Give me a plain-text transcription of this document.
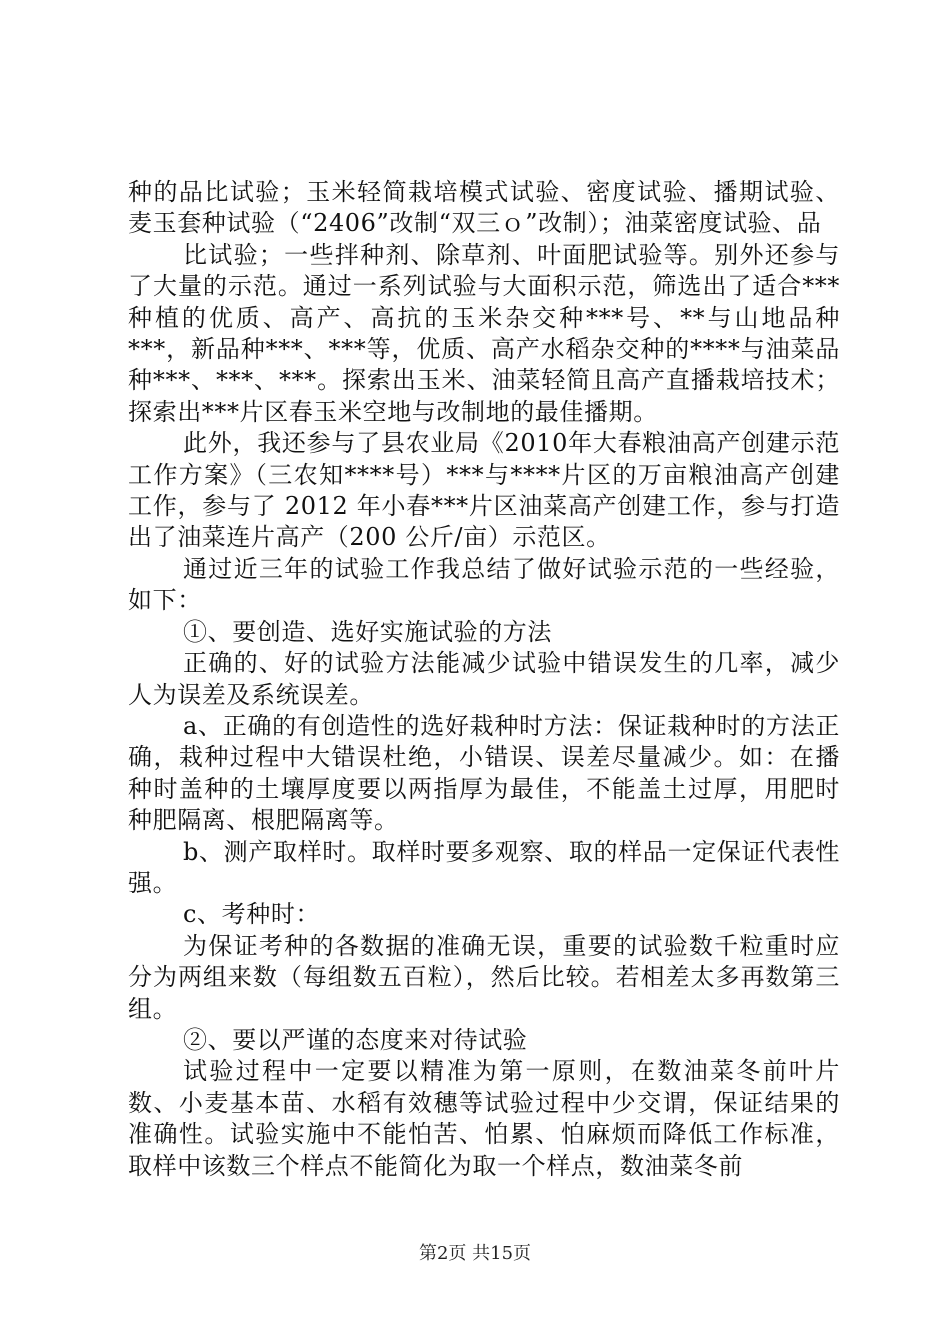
种的品比试验；玉米轻简栽培模式试验、密度试验、播期试验、麦玉套种试验（“2406”改制“双三ｏ”改制）；油菜密度试验、品

比试验；一些拌种剂、除草剂、叶面肥试验等。别外还参与了大量的示范。通过一系列试验与大面积示范，筛选出了适合***种植的优质、高产、高抗的玉米杂交种***号、**与山地品种***，新品种***、***等，优质、高产水稻杂交种的****与油菜品种***、***、***。探索出玉米、油菜轻简且高产直播栽培技术；探索出***片区春玉米空地与改制地的最佳播期。

此外，我还参与了县农业局《2010年大春粮油高产创建示范工作方案》（三农知****号）***与****片区的万亩粮油高产创建工作，参与了 2012 年小春***片区油菜高产创建工作，参与打造出了油菜连片高产（200 公斤/亩）示范区。

通过近三年的试验工作我总结了做好试验示范的一些经验，如下：

①、要创造、选好实施试验的方法

正确的、好的试验方法能减少试验中错误发生的几率，减少人为误差及系统误差。

a、正确的有创造性的选好栽种时方法：保证栽种时的方法正确，栽种过程中大错误杜绝，小错误、误差尽量减少。如：在播种时盖种的土壤厚度要以两指厚为最佳，不能盖土过厚，用肥时种肥隔离、根肥隔离等。

b、测产取样时。取样时要多观察、取的样品一定保证代表性强。

c、考种时：

为保证考种的各数据的准确无误，重要的试验数千粒重时应分为两组来数（每组数五百粒），然后比较。若相差太多再数第三组。

②、要以严谨的态度来对待试验

试验过程中一定要以精准为第一原则，在数油菜冬前叶片数、小麦基本苗、水稻有效穗等试验过程中少交谓，保证结果的准确性。试验实施中不能怕苦、怕累、怕麻烦而降低工作标准，取样中该数三个样点不能简化为取一个样点，数油菜冬前

第2页 共15页
